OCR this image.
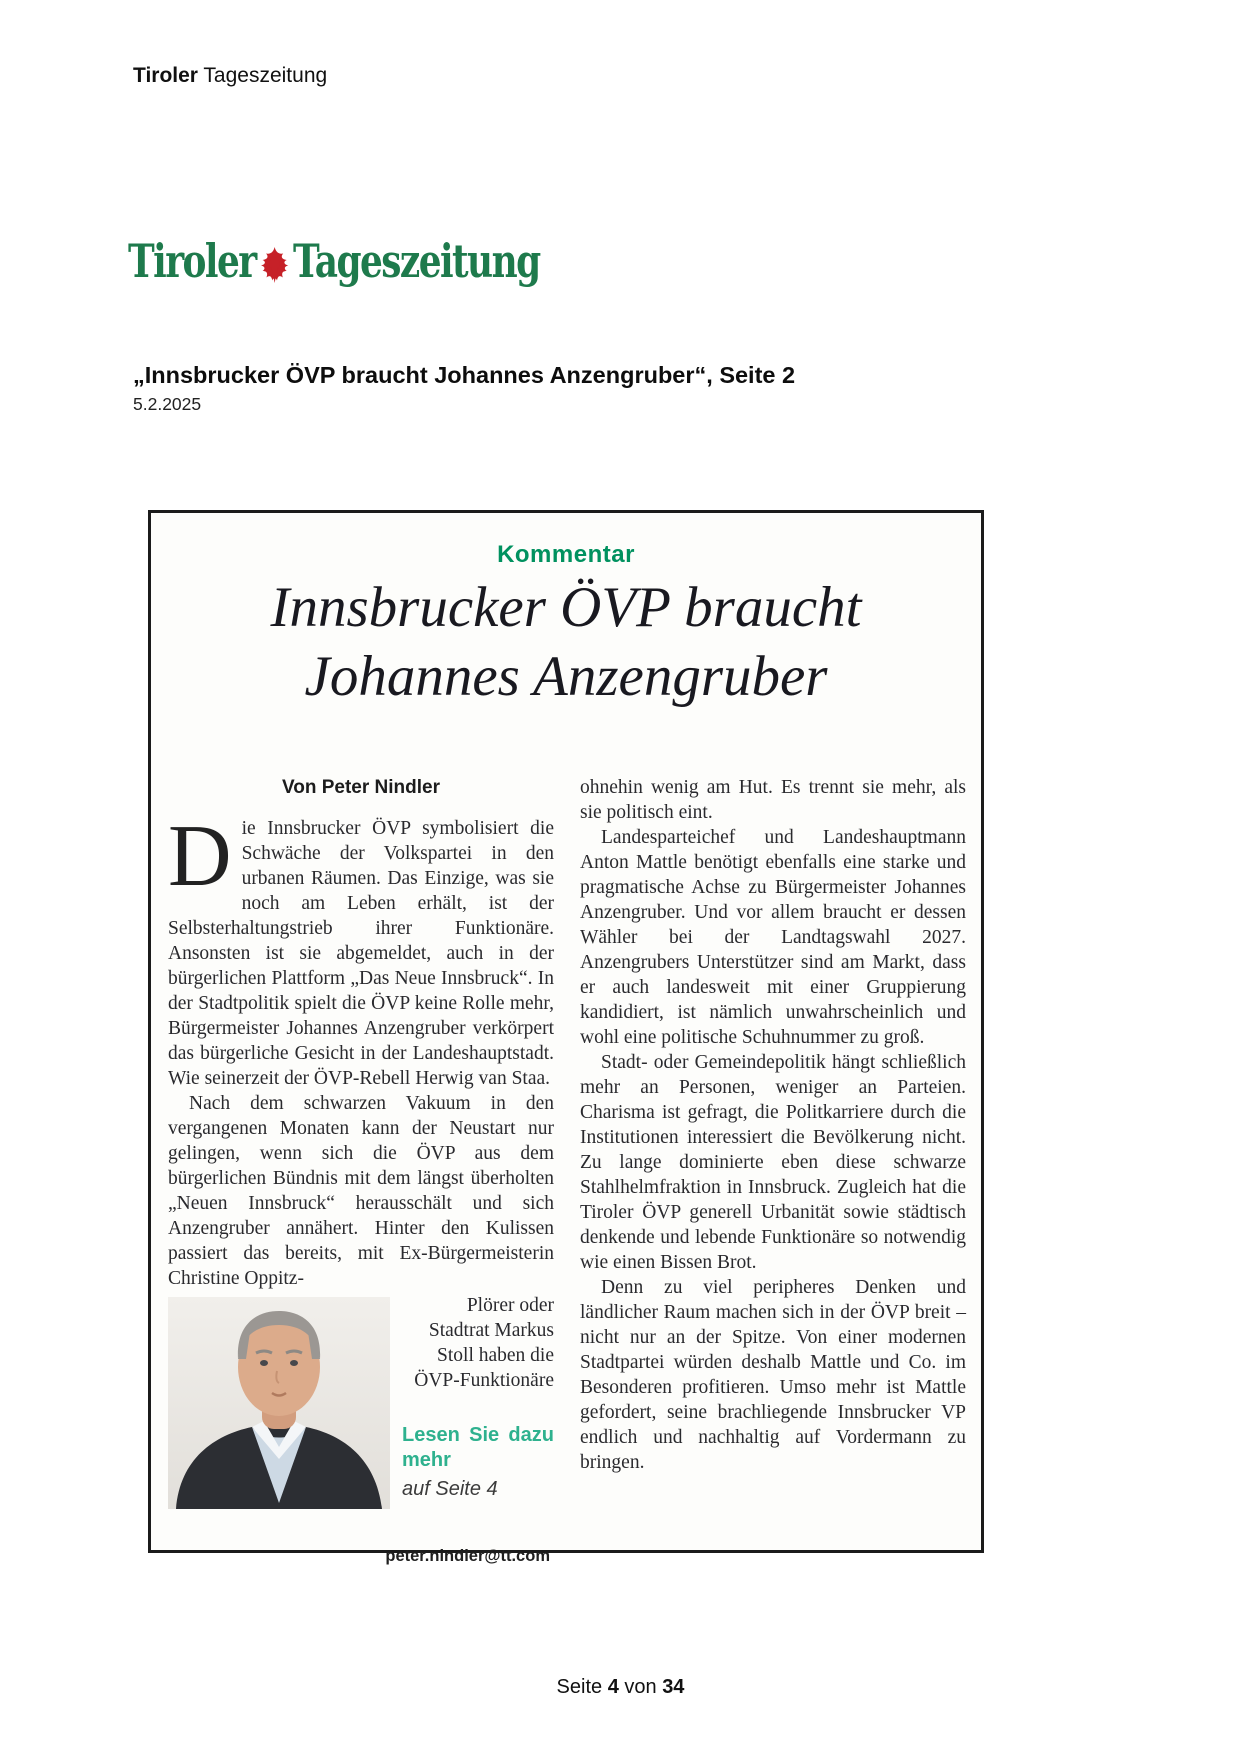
Tiroler Tageszeitung
Tiroler Tageszeitung
„Innsbrucker ÖVP braucht Johannes Anzengruber“, Seite 2
5.2.2025
Kommentar
Innsbrucker ÖVP braucht
Johannes Anzengruber
Von Peter Nindler

Die Innsbrucker ÖVP symbolisiert die Schwäche der Volkspartei in den urbanen Räumen. Das Einzige, was sie noch am Leben erhält, ist der Selbsterhaltungstrieb ihrer Funktionäre. Ansonsten ist sie abgemeldet, auch in der bürgerlichen Plattform „Das Neue Innsbruck“. In der Stadtpolitik spielt die ÖVP keine Rolle mehr, Bürgermeister Johannes Anzengruber verkörpert das bürgerliche Gesicht in der Landeshauptstadt. Wie seinerzeit der ÖVP-Rebell Herwig van Staa.

Nach dem schwarzen Vakuum in den vergangenen Monaten kann der Neustart nur gelingen, wenn sich die ÖVP aus dem bürgerlichen Bündnis mit dem längst überholten „Neuen Innsbruck“ herausschält und sich Anzengruber annähert. Hinter den Kulissen passiert das bereits, mit Ex-Bürgermeisterin Christine Oppitz-

Plörer oder Stadtrat Markus Stoll haben die ÖVP-Funktionäre
Lesen Sie dazu mehr
auf Seite 4
peter.nindler@tt.com

ohnehin wenig am Hut. Es trennt sie mehr, als sie politisch eint.

Landesparteichef und Landeshauptmann Anton Mattle benötigt ebenfalls eine starke und pragmatische Achse zu Bürgermeister Johannes Anzengruber. Und vor allem braucht er dessen Wähler bei der Landtagswahl 2027. Anzengrubers Unterstützer sind am Markt, dass er auch landesweit mit einer Gruppierung kandidiert, ist nämlich unwahrscheinlich und wohl eine politische Schuhnummer zu groß.

Stadt- oder Gemeindepolitik hängt schließlich mehr an Personen, weniger an Parteien. Charisma ist gefragt, die Politkarriere durch die Institutionen interessiert die Bevölkerung nicht. Zu lange dominierte eben diese schwarze Stahlhelmfraktion in Innsbruck. Zugleich hat die Tiroler ÖVP generell Urbanität sowie städtisch denkende und lebende Funktionäre so notwendig wie einen Bissen Brot.

Denn zu viel peripheres Denken und ländlicher Raum machen sich in der ÖVP breit – nicht nur an der Spitze. Von einer modernen Stadtpartei würden deshalb Mattle und Co. im Besonderen profitieren. Umso mehr ist Mattle gefordert, seine brachliegende Innsbrucker VP endlich und nachhaltig auf Vordermann zu bringen.

Seite 4 von 34
